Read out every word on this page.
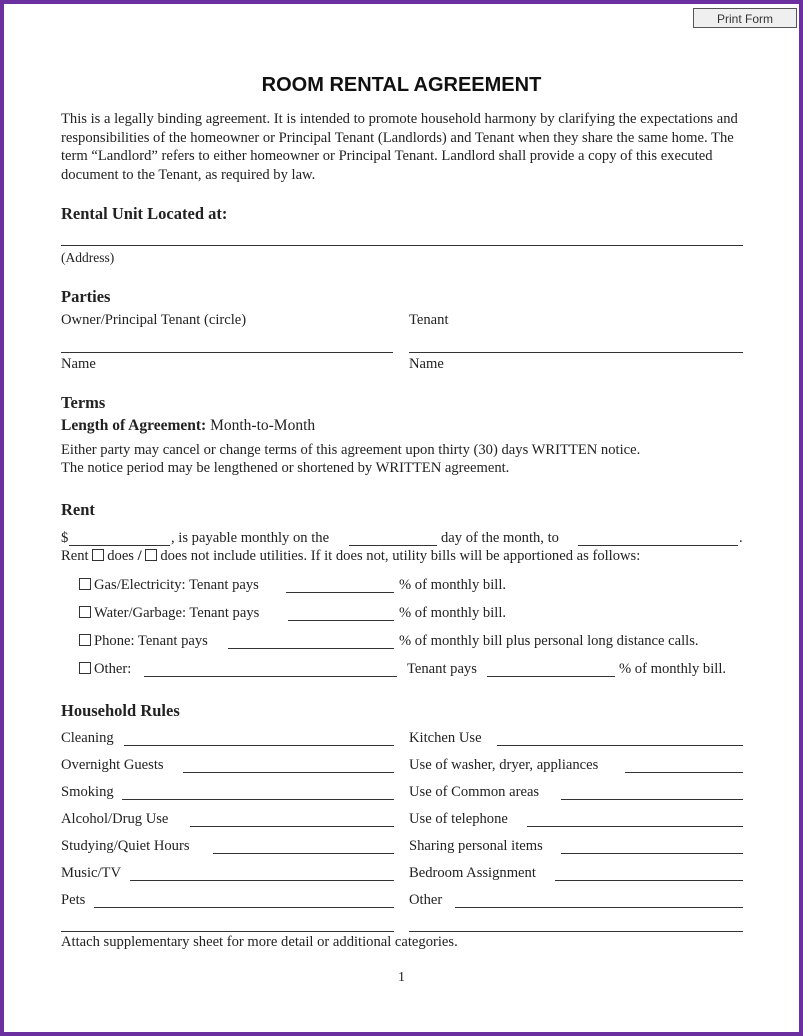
Print Form
ROOM RENTAL AGREEMENT
This is a legally binding agreement. It is intended to promote household harmony by clarifying the expectations and responsibilities of the homeowner or Principal Tenant (Landlords) and Tenant when they share the same home. The term “Landlord” refers to either homeowner or Principal Tenant. Landlord shall provide a copy of this executed document to the Tenant, as required by law.
Rental Unit Located at:
(Address)
Parties
Owner/Principal Tenant (circle)	Tenant
Name	Name
Terms
Length of Agreement: Month-to-Month
Either party may cancel or change terms of this agreement upon thirty (30) days WRITTEN notice.
The notice period may be lengthened or shortened by WRITTEN agreement.
Rent
$	, is payable monthly on the	day of the month, to	.
Rent does / does not include utilities. If it does not, utility bills will be apportioned as follows:
Gas/Electricity: Tenant pays	% of monthly bill.
Water/Garbage: Tenant pays	% of monthly bill.
Phone: Tenant pays	% of monthly bill plus personal long distance calls.
Other:	Tenant pays	% of monthly bill.
Household Rules
Cleaning	Kitchen Use
Overnight Guests	Use of washer, dryer, appliances
Smoking	Use of Common areas
Alcohol/Drug Use	Use of telephone
Studying/Quiet Hours	Sharing personal items
Music/TV	Bedroom Assignment
Pets	Other
Attach supplementary sheet for more detail or additional categories.
1
